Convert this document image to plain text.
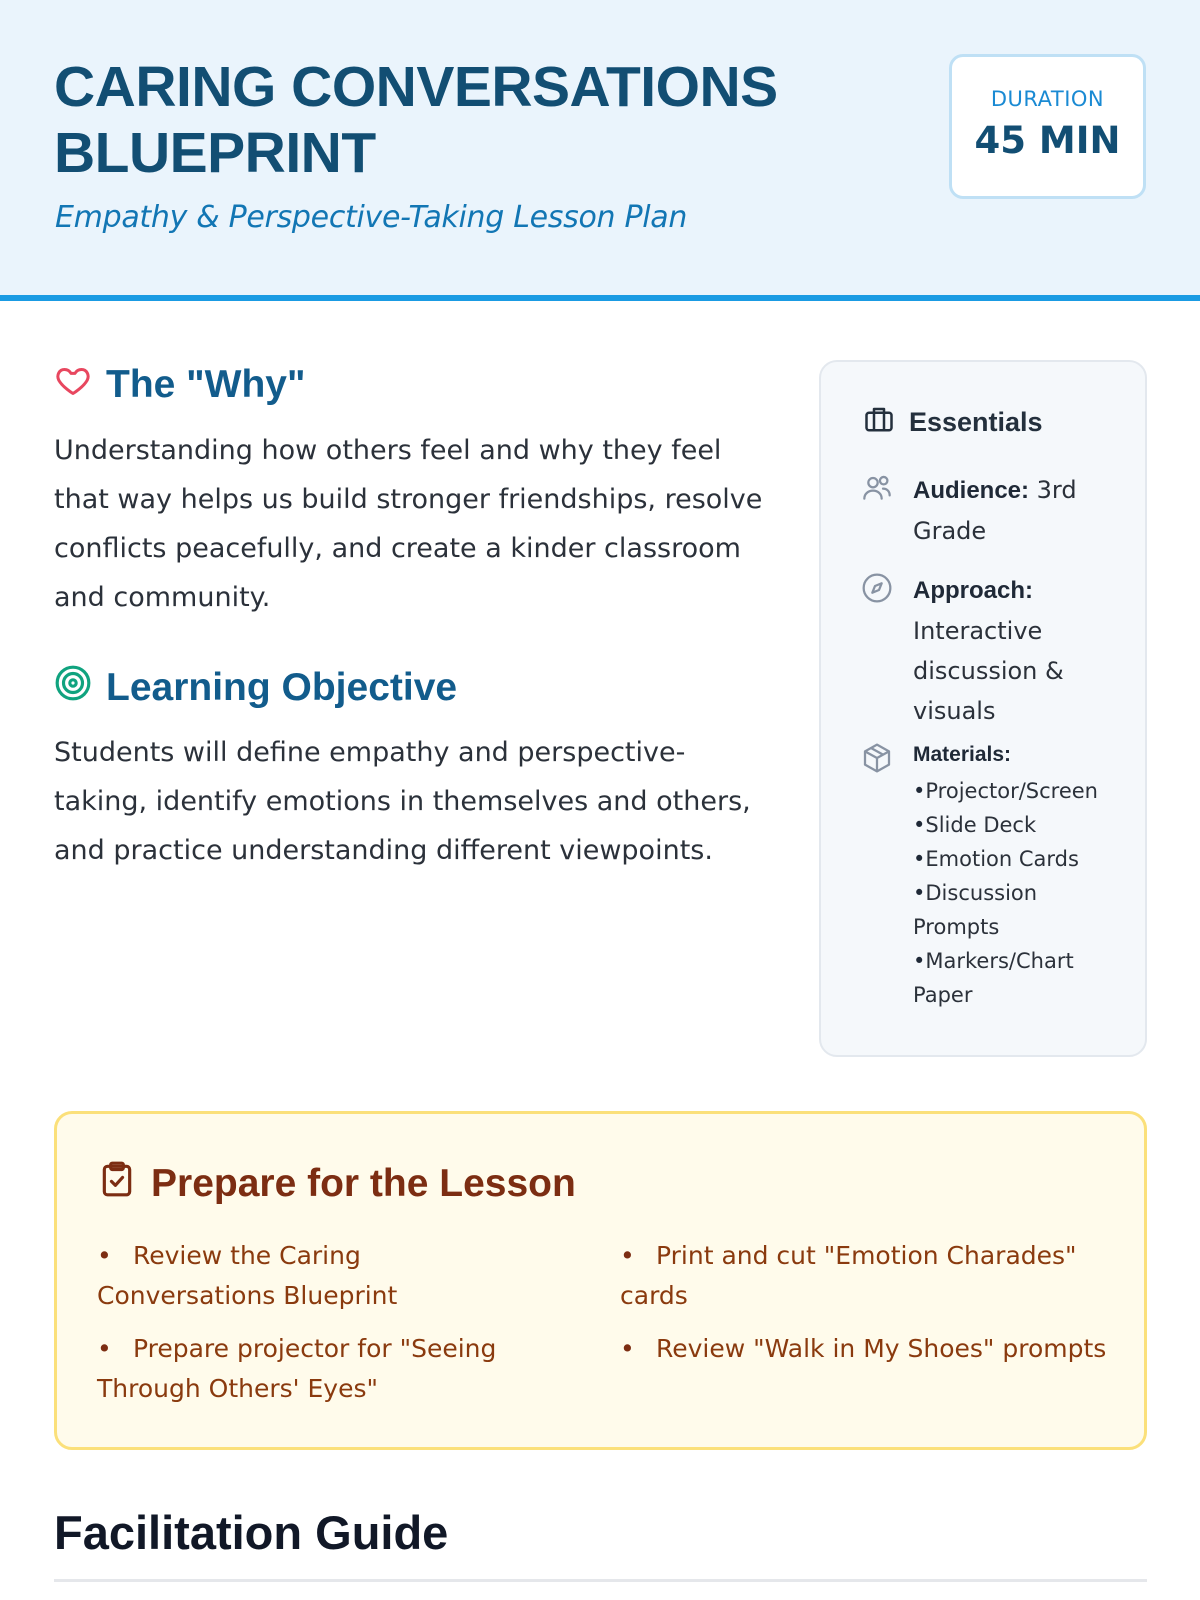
CARING CONVERSATIONS BLUEPRINT

Empathy & Perspective-Taking Lesson Plan

DURATION
45 MIN
The "Why"

Understanding how others feel and why they feel that way helps us build stronger friendships, resolve conflicts peacefully, and create a kinder classroom and community.

Learning Objective

Students will define empathy and perspective-taking, identify emotions in themselves and others, and practice understanding different viewpoints.

Essentials
Audience: 3rd Grade
Approach: Interactive discussion & visuals
Materials:
• Projector/Screen
• Slide Deck
• Emotion Cards
• Discussion Prompts
• Markers/Chart Paper
Prepare for the Lesson
• Review the Caring Conversations Blueprint
• Print and cut "Emotion Charades" cards
• Prepare projector for "Seeing Through Others' Eyes"
• Review "Walk in My Shoes" prompts
Facilitation Guide
